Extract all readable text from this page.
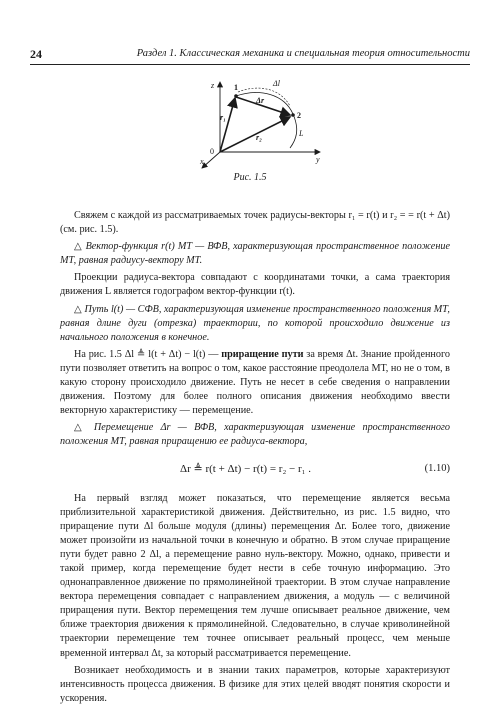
24	Раздел 1. Классическая механика и специальная теория относительности
z
y
x
0
1
2
Δl
Δr
r₁
r₂	L
Рис. 1.5

Свяжем с каждой из рассматриваемых точек радиусы-векторы r₁ = r(t) и r₂ = = r(t + Δt) (см. рис. 1.5).

△ Вектор-функция r(t) МТ — ВФВ, характеризующая пространственное положение МТ, равная радиусу-вектору МТ.

Проекции радиуса-вектора совпадают с координатами точки, а сама траектория движения L является годографом вектор-функции r(t).

△ Путь l(t) — СФВ, характеризующая изменение пространственного положения МТ, равная длине дуги (отрезка) траектории, по которой происходило движение из начального положения в конечное.

На рис. 1.5 Δl ≜ l(t + Δt) − l(t) — приращение пути за время Δt. Знание пройденного пути позволяет ответить на вопрос о том, какое расстояние преодолела МТ, но не о том, в какую сторону происходило движение. Путь не несет в себе сведения о направлении движения. Поэтому для более полного описания движения необходимо ввести векторную характеристику — перемещение.

△ Перемещение Δr — ВФВ, характеризующая изменение пространственного положения МТ, равная приращению ее радиуса-вектора,

Δr ≜ r(t + Δt) − r(t) = r₂ − r₁ .	(1.10)

На первый взгляд может показаться, что перемещение является весьма приблизительной характеристикой движения. Действительно, из рис. 1.5 видно, что приращение пути Δl больше модуля (длины) перемещения Δr. Более того, движение может произойти из начальной точки в конечную и обратно. В этом случае приращение пути будет равно 2 Δl, а перемещение равно нуль-вектору. Можно, однако, привести и такой пример, когда перемещение будет нести в себе точную информацию. Это однонаправленное движение по прямолинейной траектории. В этом случае направление вектора перемещения совпадает с направлением движения, а модуль — с величиной приращения пути. Вектор перемещения тем лучше описывает реальное движение, чем ближе траектория движения к прямолинейной. Следовательно, в случае криволинейной траектории перемещение тем точнее описывает реальный процесс, чем меньше временной интервал Δt, за который рассматривается перемещение.

Возникает необходимость и в знании таких параметров, которые характеризуют интенсивность процесса движения. В физике для этих целей вводят понятия скорости и ускорения.
